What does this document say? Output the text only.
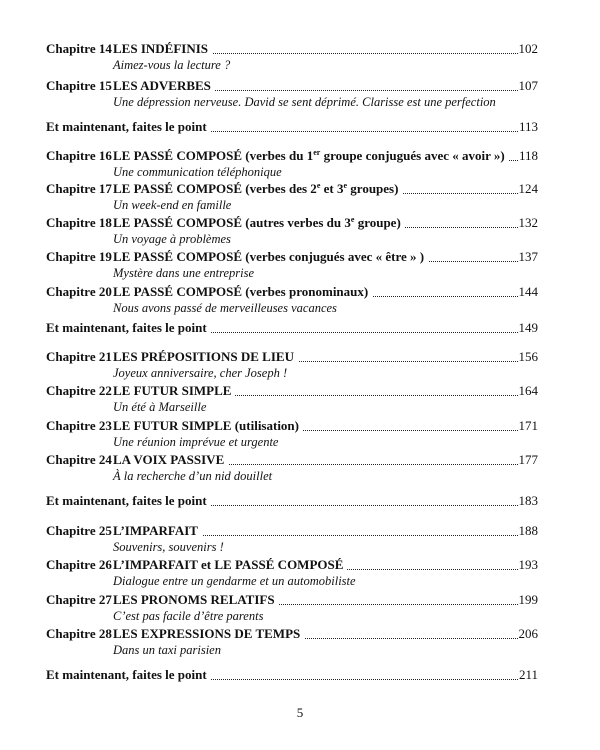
Chapitre 14 LES INDÉFINIS	102
Aimez-vous la lecture ?
Chapitre 15 LES ADVERBES	107
Une dépression nerveuse. David se sent déprimé. Clarisse est une perfection
Et maintenant, faites le point	113
Chapitre 16 LE PASSÉ COMPOSÉ (verbes du 1er groupe conjugués avec « avoir »)	118
Une communication téléphonique
Chapitre 17 LE PASSÉ COMPOSÉ (verbes des 2e et 3e groupes)	124
Un week-end en famille
Chapitre 18 LE PASSÉ COMPOSÉ (autres verbes du 3e groupe)	132
Un voyage à problèmes
Chapitre 19 LE PASSÉ COMPOSÉ (verbes conjugués avec « être » )	137
Mystère dans une entreprise
Chapitre 20 LE PASSÉ COMPOSÉ (verbes pronominaux)	144
Nous avons passé de merveilleuses vacances
Et maintenant, faites le point	149
Chapitre 21 LES PRÉPOSITIONS DE LIEU	156
Joyeux anniversaire, cher Joseph !
Chapitre 22 LE FUTUR SIMPLE	164
Un été à Marseille
Chapitre 23 LE FUTUR SIMPLE (utilisation)	171
Une réunion imprévue et urgente
Chapitre 24 LA VOIX PASSIVE	177
À la recherche d’un nid douillet
Et maintenant, faites le point	183
Chapitre 25 L’IMPARFAIT	188
Souvenirs, souvenirs !
Chapitre 26 L’IMPARFAIT et LE PASSÉ COMPOSÉ	193
Dialogue entre un gendarme et un automobiliste
Chapitre 27 LES PRONOMS RELATIFS	199
C’est pas facile d’être parents
Chapitre 28 LES EXPRESSIONS DE TEMPS	206
Dans un taxi parisien
Et maintenant, faites le point	211
5
